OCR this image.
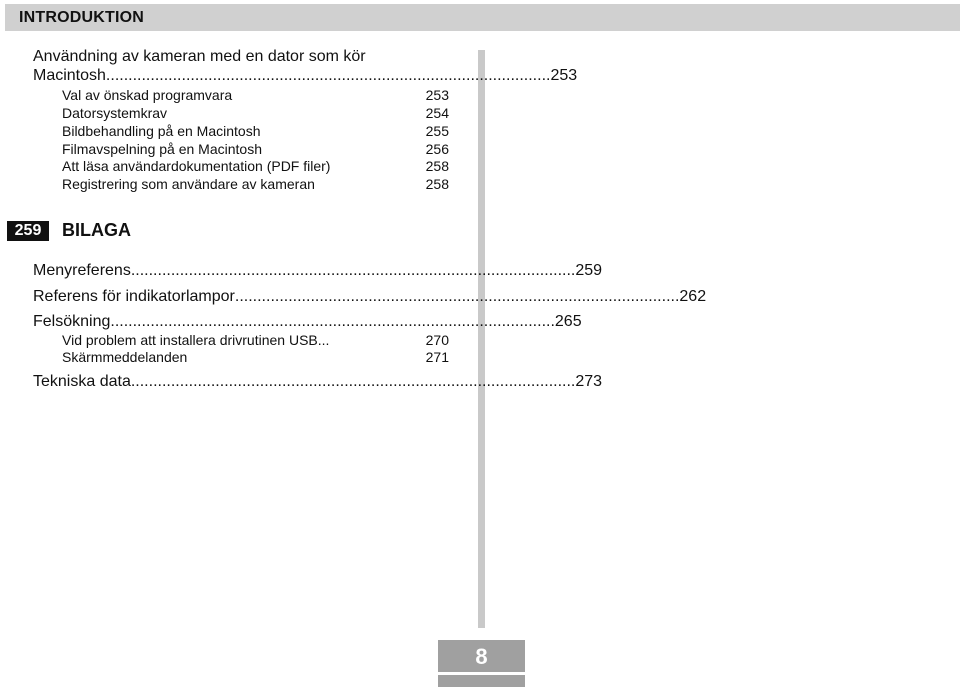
INTRODUKTION
Användning av kameran med en dator som kör
Macintosh .................................................................................................... 253
Val av önskad programvara	253
Datorsystemkrav	254
Bildbehandling på en Macintosh	255
Filmavspelning på en Macintosh	256
Att läsa användardokumentation (PDF filer)	258
Registrering som användare av kameran	258
259	BILAGA
Menyreferens .................................................................................................... 259
Referens för indikatorlampor .................................................................................................... 262
Felsökning .................................................................................................... 265
Vid problem att installera drivrutinen USB...	270
Skärmmeddelanden	271
Tekniska data .................................................................................................... 273
8
